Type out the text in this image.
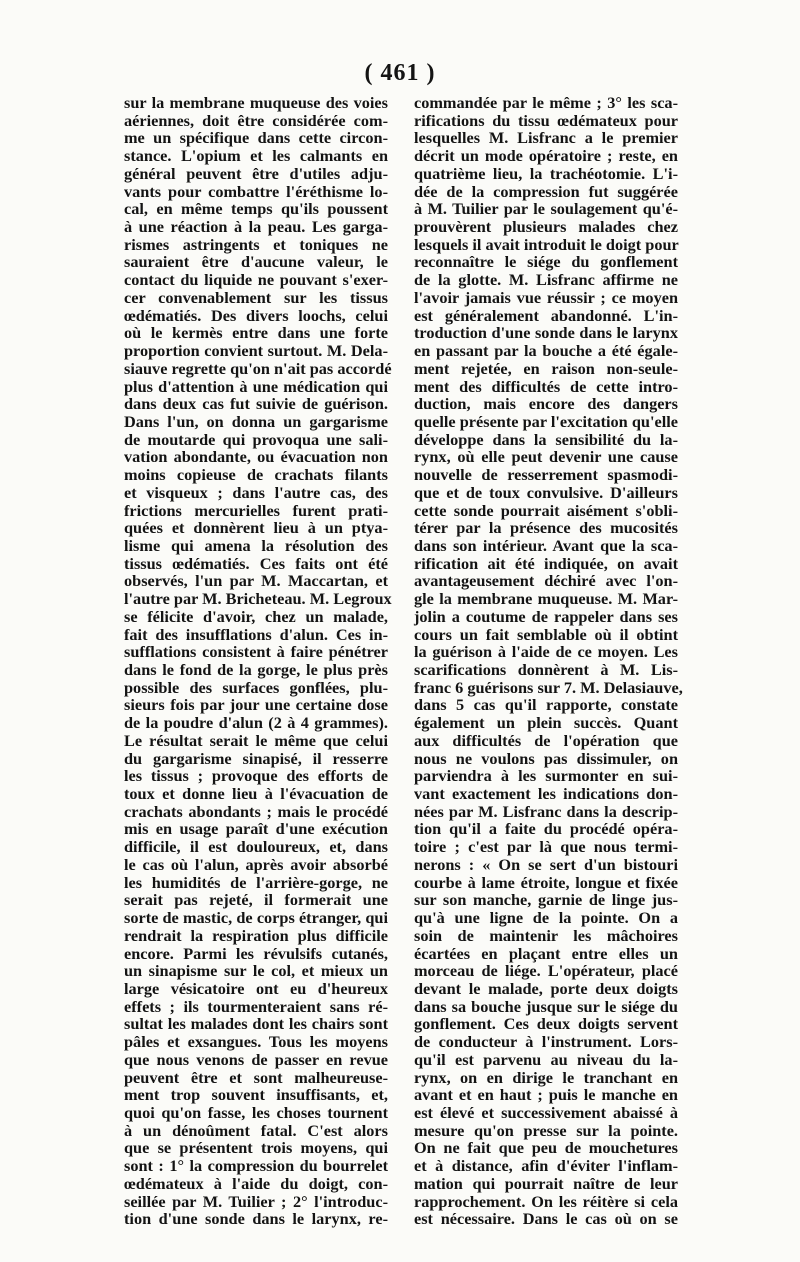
( 461 )
sur la membrane muqueuse des voies
aériennes, doit être considérée com-
me un spécifique dans cette circon-
stance. L'opium et les calmants en
général peuvent être d'utiles adju-
vants pour combattre l'éréthisme lo-
cal, en même temps qu'ils poussent
à une réaction à la peau. Les garga-
rismes astringents et toniques ne
sauraient être d'aucune valeur, le
contact du liquide ne pouvant s'exer-
cer convenablement sur les tissus
œdématiés. Des divers loochs, celui
où le kermès entre dans une forte
proportion convient surtout. M. Dela-
siauve regrette qu'on n'ait pas accordé
plus d'attention à une médication qui
dans deux cas fut suivie de guérison.
Dans l'un, on donna un gargarisme
de moutarde qui provoqua une sali-
vation abondante, ou évacuation non
moins copieuse de crachats filants
et visqueux ; dans l'autre cas, des
frictions mercurielles furent prati-
quées et donnèrent lieu à un ptya-
lisme qui amena la résolution des
tissus œdématiés. Ces faits ont été
observés, l'un par M. Maccartan, et
l'autre par M. Bricheteau. M. Legroux
se félicite d'avoir, chez un malade,
fait des insufflations d'alun. Ces in-
sufflations consistent à faire pénétrer
dans le fond de la gorge, le plus près
possible des surfaces gonflées, plu-
sieurs fois par jour une certaine dose
de la poudre d'alun (2 à 4 grammes).
Le résultat serait le même que celui
du gargarisme sinapisé, il resserre
les tissus ; provoque des efforts de
toux et donne lieu à l'évacuation de
crachats abondants ; mais le procédé
mis en usage paraît d'une exécution
difficile, il est douloureux, et, dans
le cas où l'alun, après avoir absorbé
les humidités de l'arrière-gorge, ne
serait pas rejeté, il formerait une
sorte de mastic, de corps étranger, qui
rendrait la respiration plus difficile
encore. Parmi les révulsifs cutanés,
un sinapisme sur le col, et mieux un
large vésicatoire ont eu d'heureux
effets ; ils tourmenteraient sans ré-
sultat les malades dont les chairs sont
pâles et exsangues. Tous les moyens
que nous venons de passer en revue
peuvent être et sont malheureuse-
ment trop souvent insuffisants, et,
quoi qu'on fasse, les choses tournent
à un dénoûment fatal. C'est alors
que se présentent trois moyens, qui
sont : 1° la compression du bourrelet
œdémateux à l'aide du doigt, con-
seillée par M. Tuilier ; 2° l'introduc-
tion d'une sonde dans le larynx, re-
commandée par le même ; 3° les sca-
rifications du tissu œdémateux pour
lesquelles M. Lisfranc a le premier
décrit un mode opératoire ; reste, en
quatrième lieu, la trachéotomie. L'i-
dée de la compression fut suggérée
à M. Tuilier par le soulagement qu'é-
prouvèrent plusieurs malades chez
lesquels il avait introduit le doigt pour
reconnaître le siége du gonflement
de la glotte. M. Lisfranc affirme ne
l'avoir jamais vue réussir ; ce moyen
est généralement abandonné. L'in-
troduction d'une sonde dans le larynx
en passant par la bouche a été égale-
ment rejetée, en raison non-seule-
ment des difficultés de cette intro-
duction, mais encore des dangers
quelle présente par l'excitation qu'elle
développe dans la sensibilité du la-
rynx, où elle peut devenir une cause
nouvelle de resserrement spasmodi-
que et de toux convulsive. D'ailleurs
cette sonde pourrait aisément s'obli-
térer par la présence des mucosités
dans son intérieur. Avant que la sca-
rification ait été indiquée, on avait
avantageusement déchiré avec l'on-
gle la membrane muqueuse. M. Mar-
jolin a coutume de rappeler dans ses
cours un fait semblable où il obtint
la guérison à l'aide de ce moyen. Les
scarifications donnèrent à M. Lis-
franc 6 guérisons sur 7. M. Delasiauve,
dans 5 cas qu'il rapporte, constate
également un plein succès. Quant
aux difficultés de l'opération que
nous ne voulons pas dissimuler, on
parviendra à les surmonter en sui-
vant exactement les indications don-
nées par M. Lisfranc dans la descrip-
tion qu'il a faite du procédé opéra-
toire ; c'est par là que nous termi-
nerons : « On se sert d'un bistouri
courbe à lame étroite, longue et fixée
sur son manche, garnie de linge jus-
qu'à une ligne de la pointe. On a
soin de maintenir les mâchoires
écartées en plaçant entre elles un
morceau de liége. L'opérateur, placé
devant le malade, porte deux doigts
dans sa bouche jusque sur le siége du
gonflement. Ces deux doigts servent
de conducteur à l'instrument. Lors-
qu'il est parvenu au niveau du la-
rynx, on en dirige le tranchant en
avant et en haut ; puis le manche en
est élevé et successivement abaissé à
mesure qu'on presse sur la pointe.
On ne fait que peu de mouchetures
et à distance, afin d'éviter l'inflam-
mation qui pourrait naître de leur
rapprochement. On les réitère si cela
est nécessaire. Dans le cas où on se
